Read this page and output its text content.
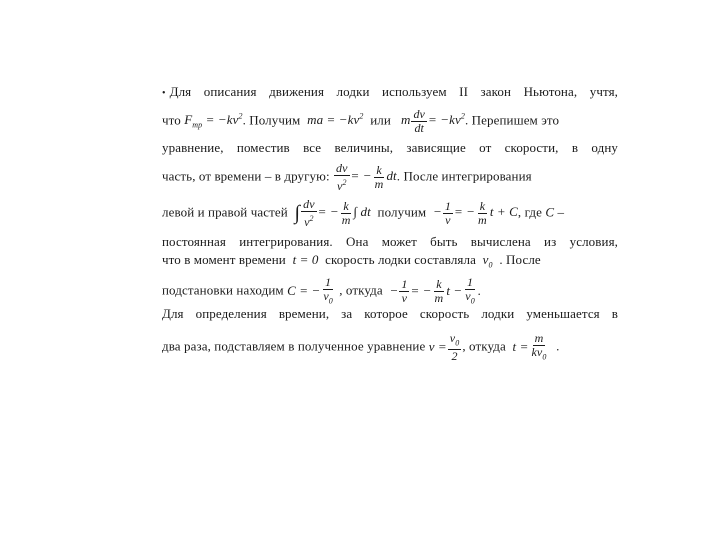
• Для описания движения лодки используем II закон Ньютона, учтя,
что $F_{тр} = -kv^2$. Получим ma = $-kv^2$ или m $\frac{dv}{dt} = -kv^2$. Перепишем это
уравнение, поместив все величины, зависящие от скорости, в одну
часть, от времени – в другую: $\frac{dv}{v^2}$ = − $\frac{k}{m}$ dt. После интегрирования
левой и правой частей ∫ $\frac{dv}{v^2}$ = − $\frac{k}{m}$ ∫ dt получим − $\frac{1}{v}$ = − $\frac{k}{m}$ t + C, где C –
постоянная интегрирования. Она может быть вычислена из условия,
что в момент времени t = 0 скорость лодки составляла $v_0$ . После
подстановки находим C = − $\frac{1}{v_0}$ , откуда − $\frac{1}{v}$ = − $\frac{k}{m}$ $t - \frac{1}{v_0}$ .
Для определения времени, за которое скорость лодки уменьшается в
два раза, подставляем в полученное уравнение $v = \frac{v_0}{2}$ , откуда $t = \frac{m}{kv_0}$ .
